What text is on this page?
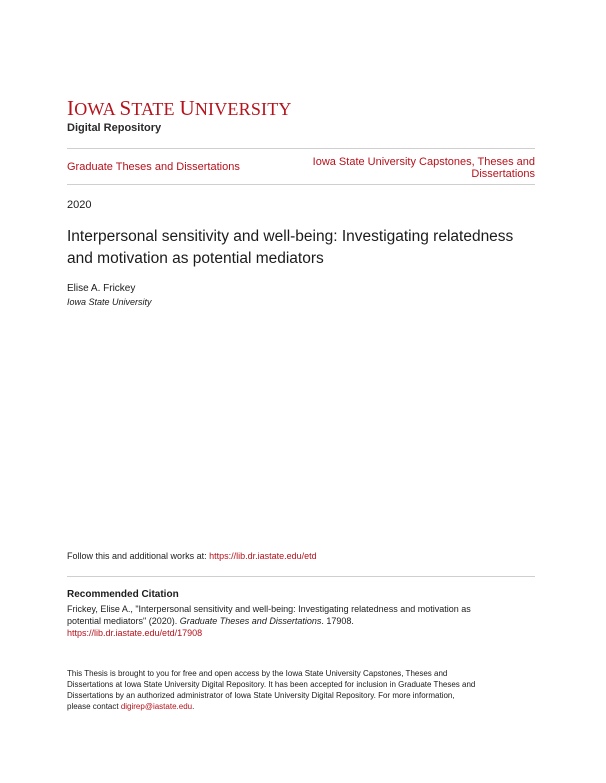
IOWA STATE UNIVERSITY
Digital Repository
Graduate Theses and Dissertations	Iowa State University Capstones, Theses and
Dissertations
2020
Interpersonal sensitivity and well-being: Investigating relatedness
and motivation as potential mediators
Elise A. Frickey
Iowa State University
Follow this and additional works at: https://lib.dr.iastate.edu/etd
Recommended Citation
Frickey, Elise A., "Interpersonal sensitivity and well-being: Investigating relatedness and motivation as
potential mediators" (2020). Graduate Theses and Dissertations. 17908.
https://lib.dr.iastate.edu/etd/17908
This Thesis is brought to you for free and open access by the Iowa State University Capstones, Theses and
Dissertations at Iowa State University Digital Repository. It has been accepted for inclusion in Graduate Theses and
Dissertations by an authorized administrator of Iowa State University Digital Repository. For more information,
please contact digirep@iastate.edu.
